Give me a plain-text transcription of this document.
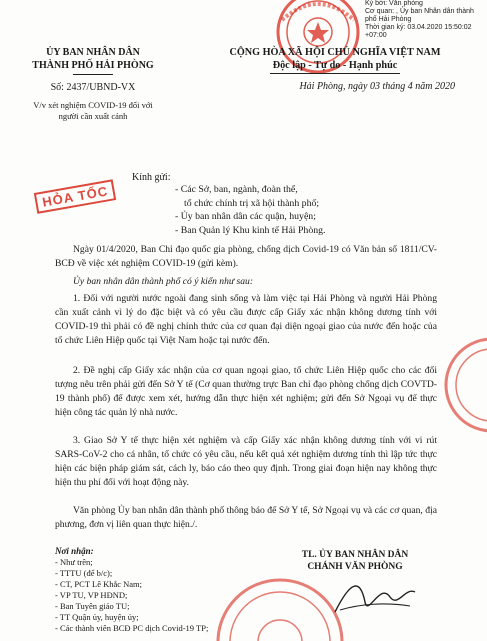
Ký bởi: Văn phòng
Cơ quan: , Ủy ban Nhân dân thành
phố Hải Phòng
Thời gian ký: 03.04.2020 15:50:02
+07:00
ỦY BAN NHÂN DÂN
THÀNH PHỐ HẢI PHÒNG
Số: 2437/UBND-VX
V/v xét nghiệm COVID-19 đối với
người cần xuất cảnh
CỘNG HÒA XÃ HỘI CHỦ NGHĨA VIỆT NAM
Độc lập - Tự do - Hạnh phúc
Hải Phòng, ngày 03 tháng 4 năm 2020
HỎA TỐC
Kính gửi:
- Các Sở, ban, ngành, đoàn thể,
tổ chức chính trị xã hội thành phố;
- Ủy ban nhân dân các quận, huyện;
- Ban Quản lý Khu kinh tế Hải Phòng.
Ngày 01/4/2020, Ban Chỉ đạo quốc gia phòng, chống dịch Covid-19 có Văn bản số 1811/CV-BCĐ về việc xét nghiệm COVID-19 (gửi kèm).
Ủy ban nhân dân thành phố có ý kiến như sau:
1. Đối với người nước ngoài đang sinh sống và làm việc tại Hải Phòng và người Hải Phòng cần xuất cảnh vì lý do đặc biệt và có yêu cầu được cấp Giấy xác nhận không dương tính với COVID-19 thì phải có đề nghị chính thức của cơ quan đại diện ngoại giao của nước đến hoặc của tổ chức Liên Hiệp quốc tại Việt Nam hoặc tại nước đến.
2. Đề nghị cấp Giấy xác nhận của cơ quan ngoại giao, tổ chức Liên Hiệp quốc cho các đối tượng nêu trên phải gửi đến Sở Y tế (Cơ quan thường trực Ban chỉ đạo phòng chống dịch COVTD-19 thành phố) để được xem xét, hướng dẫn thực hiện xét nghiệm; gửi đến Sở Ngoại vụ để thực hiện công tác quản lý nhà nước.
3. Giao Sở Y tế thực hiện xét nghiệm và cấp Giấy xác nhận không dương tính với vi rút SARS-CoV-2 cho cá nhân, tổ chức có yêu cầu, nếu kết quả xét nghiệm dương tính thì lập tức thực hiện các biện pháp giám sát, cách ly, báo cáo theo quy định. Trong giai đoạn hiện nay không thực hiện thu phí đối với hoạt động này.
Văn phòng Ủy ban nhân dân thành phố thông báo để Sở Y tế, Sở Ngoại vụ và các cơ quan, địa phương, đơn vị liên quan thực hiện./.
Nơi nhận:
- Như trên;
- TTTU (để b/c);
- CT, PCT Lê Khắc Nam;
- VP TU, VP HĐND;
- Ban Tuyên giáo TU;
- TT Quận ủy, huyện ủy;
- Các thành viên BCĐ PC dịch Covid-19 TP;
TL. ỦY BAN NHÂN DÂN
CHÁNH VĂN PHÒNG
